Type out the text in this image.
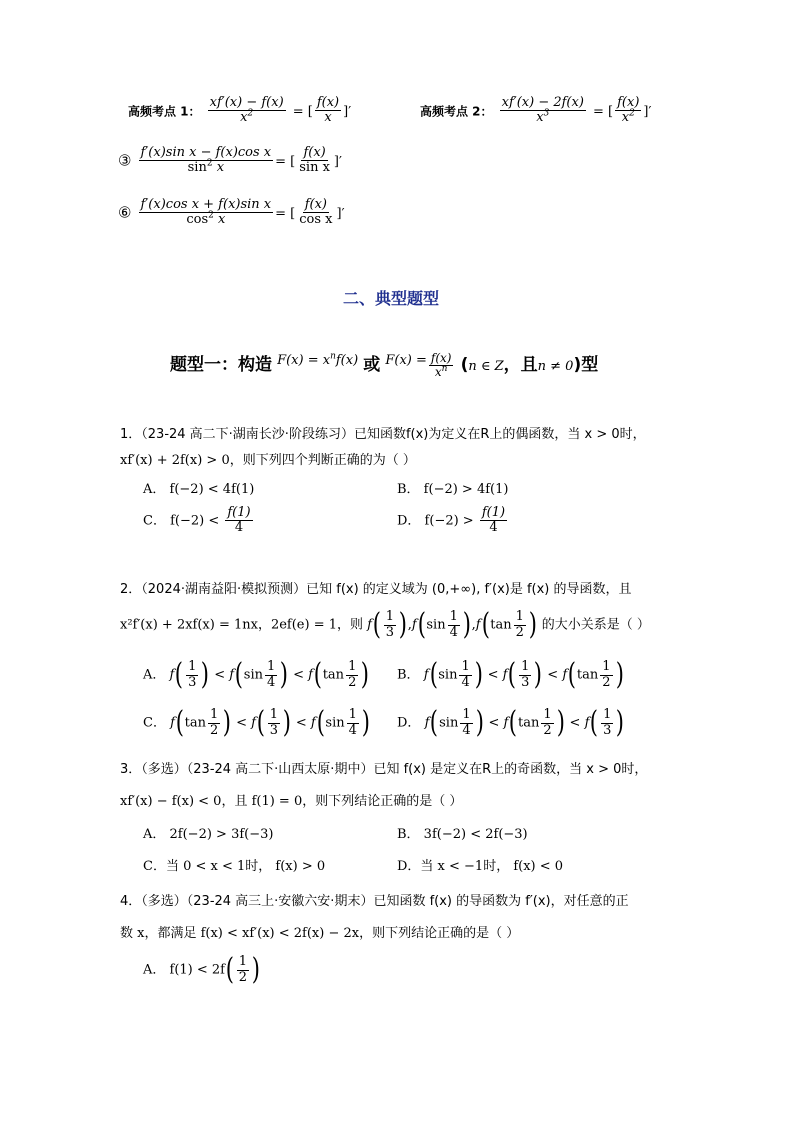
高频考点 1： $\frac{xf'(x) - f(x)}{x^2}$ = [ $\frac{f(x)}{x}$ ]′	高频考点 2： $\frac{xf'(x) - 2f(x)}{x^3}$ = [ $\frac{f(x)}{x^2}$ ]′
③ $\frac{\text{f′(x)sin x − f(x)cos x}}{\sin^2 x}$ = [ $\frac{f(x)}{\text{sin x}}$ ]′
⑥ $\frac{\text{f′(x)cos x + f(x)sin x}}{\cos^2 x}$ = [ $\frac{f(x)}{\text{cos x}}$ ]′
二、典型题型
题型一：构造 $^{F(x) = x^nf(x)}$ 或 $^{F(x) =} \frac{f(x)}{x^n} (n$ ∈ Z，且n ≠ 0)型
1．（23-24 高二下·湖南长沙·阶段练习）已知函数f(x)为定义在R上的偶函数，当 x > 0时，
xf′(x) + 2f(x) > 0，则下列四个判断正确的为（ ）
A． f(−2) < 4f(1)	B． f(−2) > 4f(1)
C． $f(-2) < \frac{f(1)}{4}$	D． $f(-2) > \frac{f(1)}{4}$
2．（2024·湖南益阳·模拟预测）已知 f(x) 的定义域为 (0,+∞), f′(x)是 f(x) 的导函数，且
x²f′(x) + 2xf(x) = 1nx，2ef(e) = 1，则 $f( \frac{1}{3} ),f(\sin \frac{1}{4} ),f(\tan \frac{1}{2}$ ) 的大小关系是（ ）
A． $f( \frac{1}{3}$ ) < $f(\sin \frac{1}{4}$ ) < $f(\tan \frac{1}{2}$ ) B． $f(\sin \frac{1}{4}$ ) < $f( \frac{1}{3}$ ) < $f(\tan \frac{1}{2}$ )
C． $f(\tan \frac{1}{2}$ ) < $f( \frac{1}{3}$ ) < $f(\sin \frac{1}{4}$ ) D． $f(\sin \frac{1}{4}$ ) < $f(\tan \frac{1}{2}$ ) < $f( \frac{1}{3}$ )
3．（多选）（23-24 高二下·山西太原·期中）已知 f(x) 是定义在R上的奇函数，当 x > 0时，
xf′(x) − f(x) < 0，且 f(1) = 0，则下列结论正确的是（ ）
A． 2f(−2) > 3f(−3)	B． 3f(−2) < 2f(−3)
C．当 0 < x < 1时， f(x) > 0	D．当 x < −1时， f(x) < 0
4．（多选）（23-24 高三上·安徽六安·期末）已知函数 f(x) 的导函数为 f′(x)，对任意的正
数 x，都满足 f(x) < xf′(x) < 2f(x) − 2x，则下列结论正确的是（ ）
A． $f(1) < 2f( \frac{1}{2}$ )
